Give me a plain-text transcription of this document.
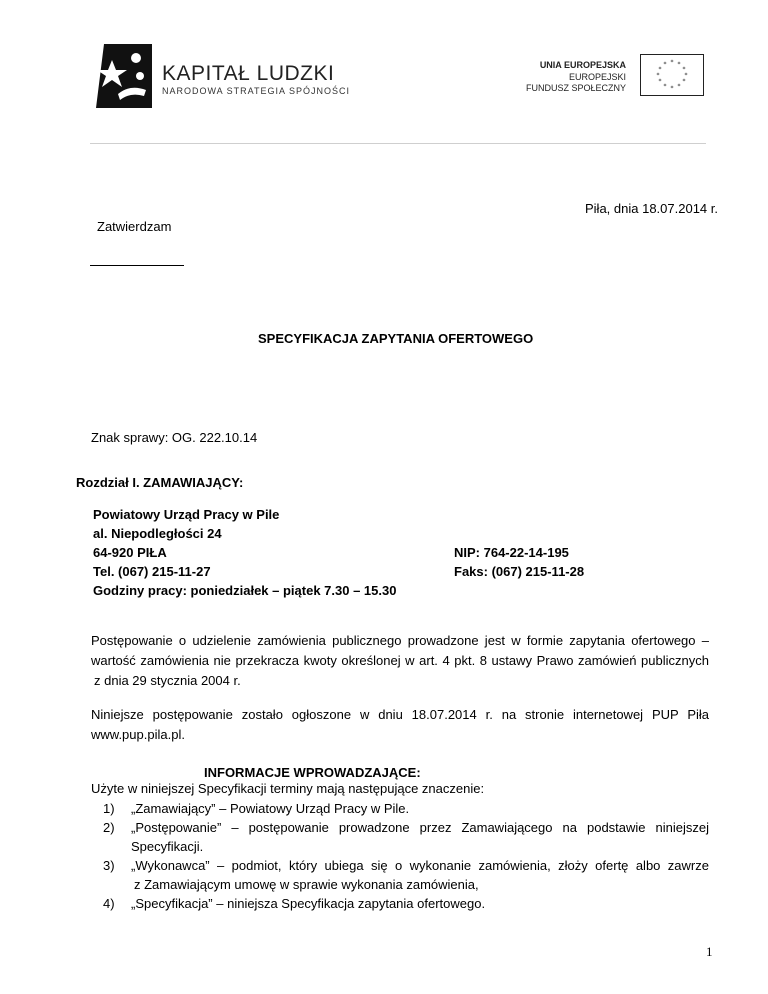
KAPITAŁ LUDZKI
NARODOWA STRATEGIA SPÓJNOŚCI
UNIA EUROPEJSKA
EUROPEJSKI
FUNDUSZ SPOŁECZNY
* *
*
*
*
*
*
*
*
*
*
*
Piła, dnia 18.07.2014 r.
Zatwierdzam
SPECYFIKACJA ZAPYTANIA OFERTOWEGO
Znak sprawy: OG. 222.10.14
Rozdział I. ZAMAWIAJĄCY:
Powiatowy Urząd Pracy w Pile
al. Niepodległości 24
64-920 PIŁA
Tel. (067) 215-11-27
Godziny pracy: poniedziałek – piątek 7.30 – 15.30
NIP: 764-22-14-195
Faks: (067) 215-11-28
Postępowanie o udzielenie zamówienia publicznego prowadzone jest w formie zapytania ofertowego –
wartość zamówienia nie przekracza kwoty określonej w art. 4 pkt. 8 ustawy Prawo zamówień publicznych
z dnia 29 stycznia 2004 r.
Niniejsze postępowanie zostało ogłoszone w dniu 18.07.2014 r. na stronie internetowej PUP Piła
www.pup.pila.pl.
INFORMACJE WPROWADZAJĄCE:
Użyte w niniejszej Specyfikacji terminy mają następujące znaczenie:
1) „Zamawiający” – Powiatowy Urząd Pracy w Pile.
2) „Postępowanie” – postępowanie prowadzone przez Zamawiającego na podstawie niniejszej
Specyfikacji.
3) „Wykonawca” – podmiot, który ubiega się o wykonanie zamówienia, złoży ofertę albo zawrze
z Zamawiającym umowę w sprawie wykonania zamówienia,
4) „Specyfikacja” – niniejsza Specyfikacja zapytania ofertowego.
1
